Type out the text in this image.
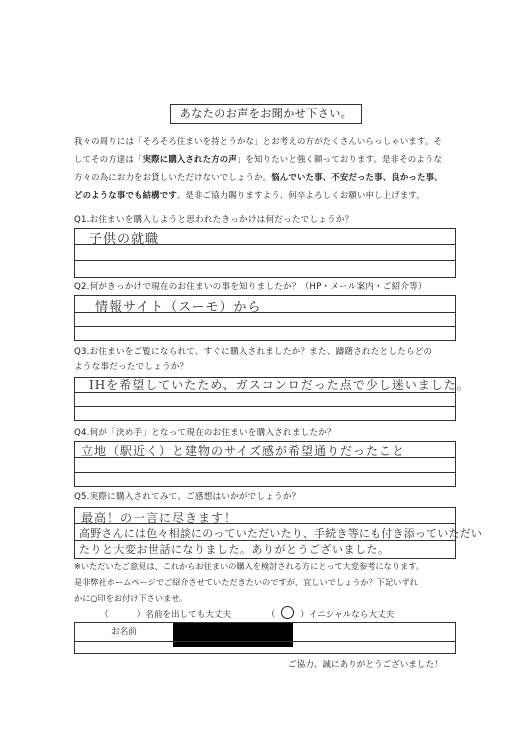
あなたのお声をお聞かせ下さい。
我々の周りには「そろそろ住まいを持とうかな」とお考えの方がたくさんいらっしゃいます。そ
してその方達は「実際に購入された方の声」を知りたいと強く願っております。是非そのような
方々の為にお力をお貸しいただけないでしょうか。悩んでいた事、不安だった事、良かった事、
どのような事でも結構です。是非ご協力賜りますよう、何卒よろしくお願い申し上げます。
Q1.お住まいを購入しようと思われたきっかけは何だったでしょうか？
子供の就職
Q2.何がきっかけで現在のお住まいの事を知りましたか？（HP・メール案内・ご紹介等）
情報サイト（スーモ）から
Q3.お住まいをご覧になられて、すぐに購入されましたか？また、躊躇されたとしたらどの
ような事だったでしょうか？
IHを希望していたため、ガスコンロだった点で少し迷いました。
Q4.何が「決め手」となって現在のお住まいを購入されましたか？
立地（駅近く）と建物のサイズ感が希望通りだったこと
Q5.実際に購入されてみて、ご感想はいかがでしょうか？
最高！の一言に尽きます！
高野さんには色々相談にのっていただいたり、手続き等にも付き添っていただい
たりと大変お世話になりました。ありがとうございました。
※いただいたご意見は、これからお住まいの購入を検討される方にとって大変参考になります。
是非弊社ホームページでご紹介させていただきたいのですが、宜しいでしょうか？下記いずれ
かに○印をお付け下さいませ。
（	）名前を出しても大丈夫	（	）イニシャルなら大丈夫
お名前
ご協力、誠にありがとうございました！
